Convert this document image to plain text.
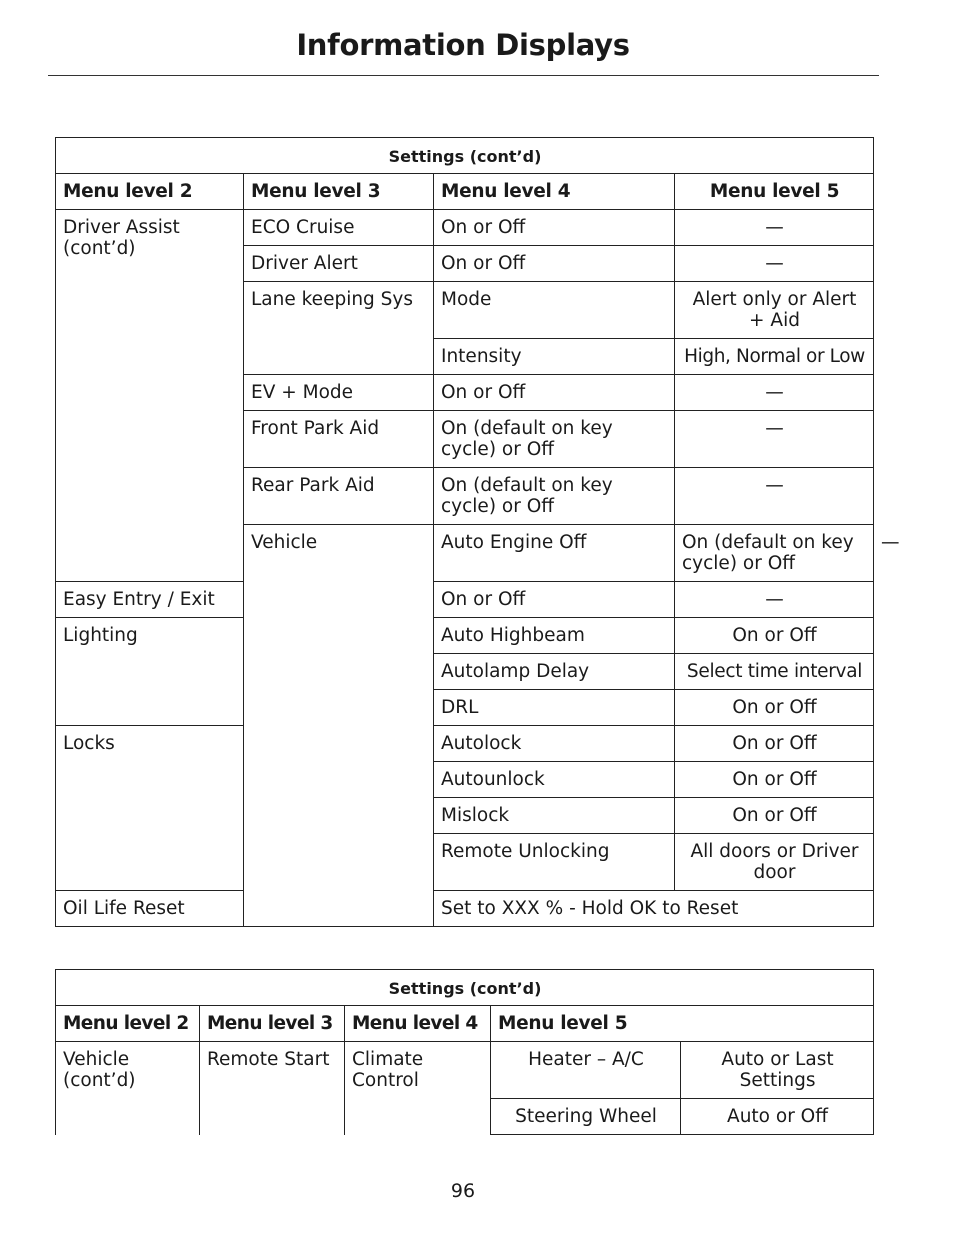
Information Displays
Settings (cont’d)				
Menu level 2	Menu level 3	Menu level 4	Menu level 5	
Driver Assist (cont’d)	ECO Cruise	On or Off	—	
	Driver Alert	On or Off	—	
	Lane keeping Sys	Mode	Alert only or Alert + Aid	
		Intensity	High, Normal or Low	
	EV + Mode	On or Off	—	
	Front Park Aid	On (default on key cycle) or Off	—	
	Rear Park Aid	On (default on key cycle) or Off	—	
	Vehicle	Auto Engine Off	On (default on key cycle) or Off	—
Easy Entry / Exit		On or Off	—	
Lighting		Auto Highbeam	On or Off	
		Autolamp Delay	Select time interval	
		DRL	On or Off	
Locks		Autolock	On or Off	
		Autounlock	On or Off	
		Mislock	On or Off	
		Remote Unlocking	All doors or Driver door	
Oil Life Reset		Set to XXX % - Hold OK to Reset		
Settings (cont’d)				
Menu level 2	Menu level 3	Menu level 4	Menu level 5	
Vehicle (cont’d)	Remote Start	Climate Control	Heater – A/C	Auto or Last Settings
			Steering Wheel	Auto or Off
96
